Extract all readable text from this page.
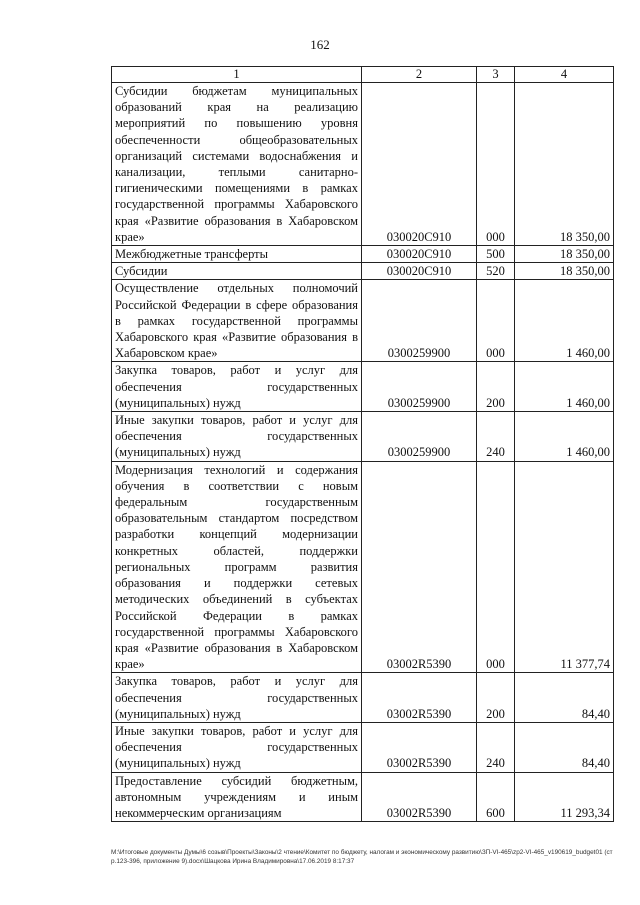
162
1	2	3	4
Субсидии бюджетам муниципальных образований края на реализацию мероприятий по повышению уровня обеспеченности общеобразовательных организаций системами водоснабжения и канализации, теплыми санитарно-гигиеническими помещениями в рамках государственной программы Хабаровского края «Развитие образования в Хабаровском крае»	030020С910	000	18 350,00
Межбюджетные трансферты	030020С910	500	18 350,00
Субсидии	030020С910	520	18 350,00
Осуществление отдельных полномочий Российской Федерации в сфере образования в рамках государственной программы Хабаровского края «Развитие образования в Хабаровском крае»	0300259900	000	1 460,00
Закупка товаров, работ и услуг для обеспечения государственных (муниципальных) нужд	0300259900	200	1 460,00
Иные закупки товаров, работ и услуг для обеспечения государственных (муниципальных) нужд	0300259900	240	1 460,00
Модернизация технологий и содержания обучения в соответствии с новым федеральным государственным образовательным стандартом посредством разработки концепций модернизации конкретных областей, поддержки региональных программ развития образования и поддержки сетевых методических объединений в субъектах Российской Федерации в рамках государственной программы Хабаровского края «Развитие образования в Хабаровском крае»	03002R5390	000	11 377,74
Закупка товаров, работ и услуг для обеспечения государственных (муниципальных) нужд	03002R5390	200	84,40
Иные закупки товаров, работ и услуг для обеспечения государственных (муниципальных) нужд	03002R5390	240	84,40
Предоставление субсидий бюджетным, автономным учреждениям и иным некоммерческим организациям	03002R5390	600	11 293,34
М:\Итоговые документы Думы\6 созыв\Проекты\Законы\2 чтение\Комитет по бюджету, налогам и экономическому развитию\ЗП-VI-465\zp2-VI-465_v190619_budget01 (стр.123-396, приложение 9).docx\Шацкова Ирина Владимировна\17.06.2019 8:17:37
